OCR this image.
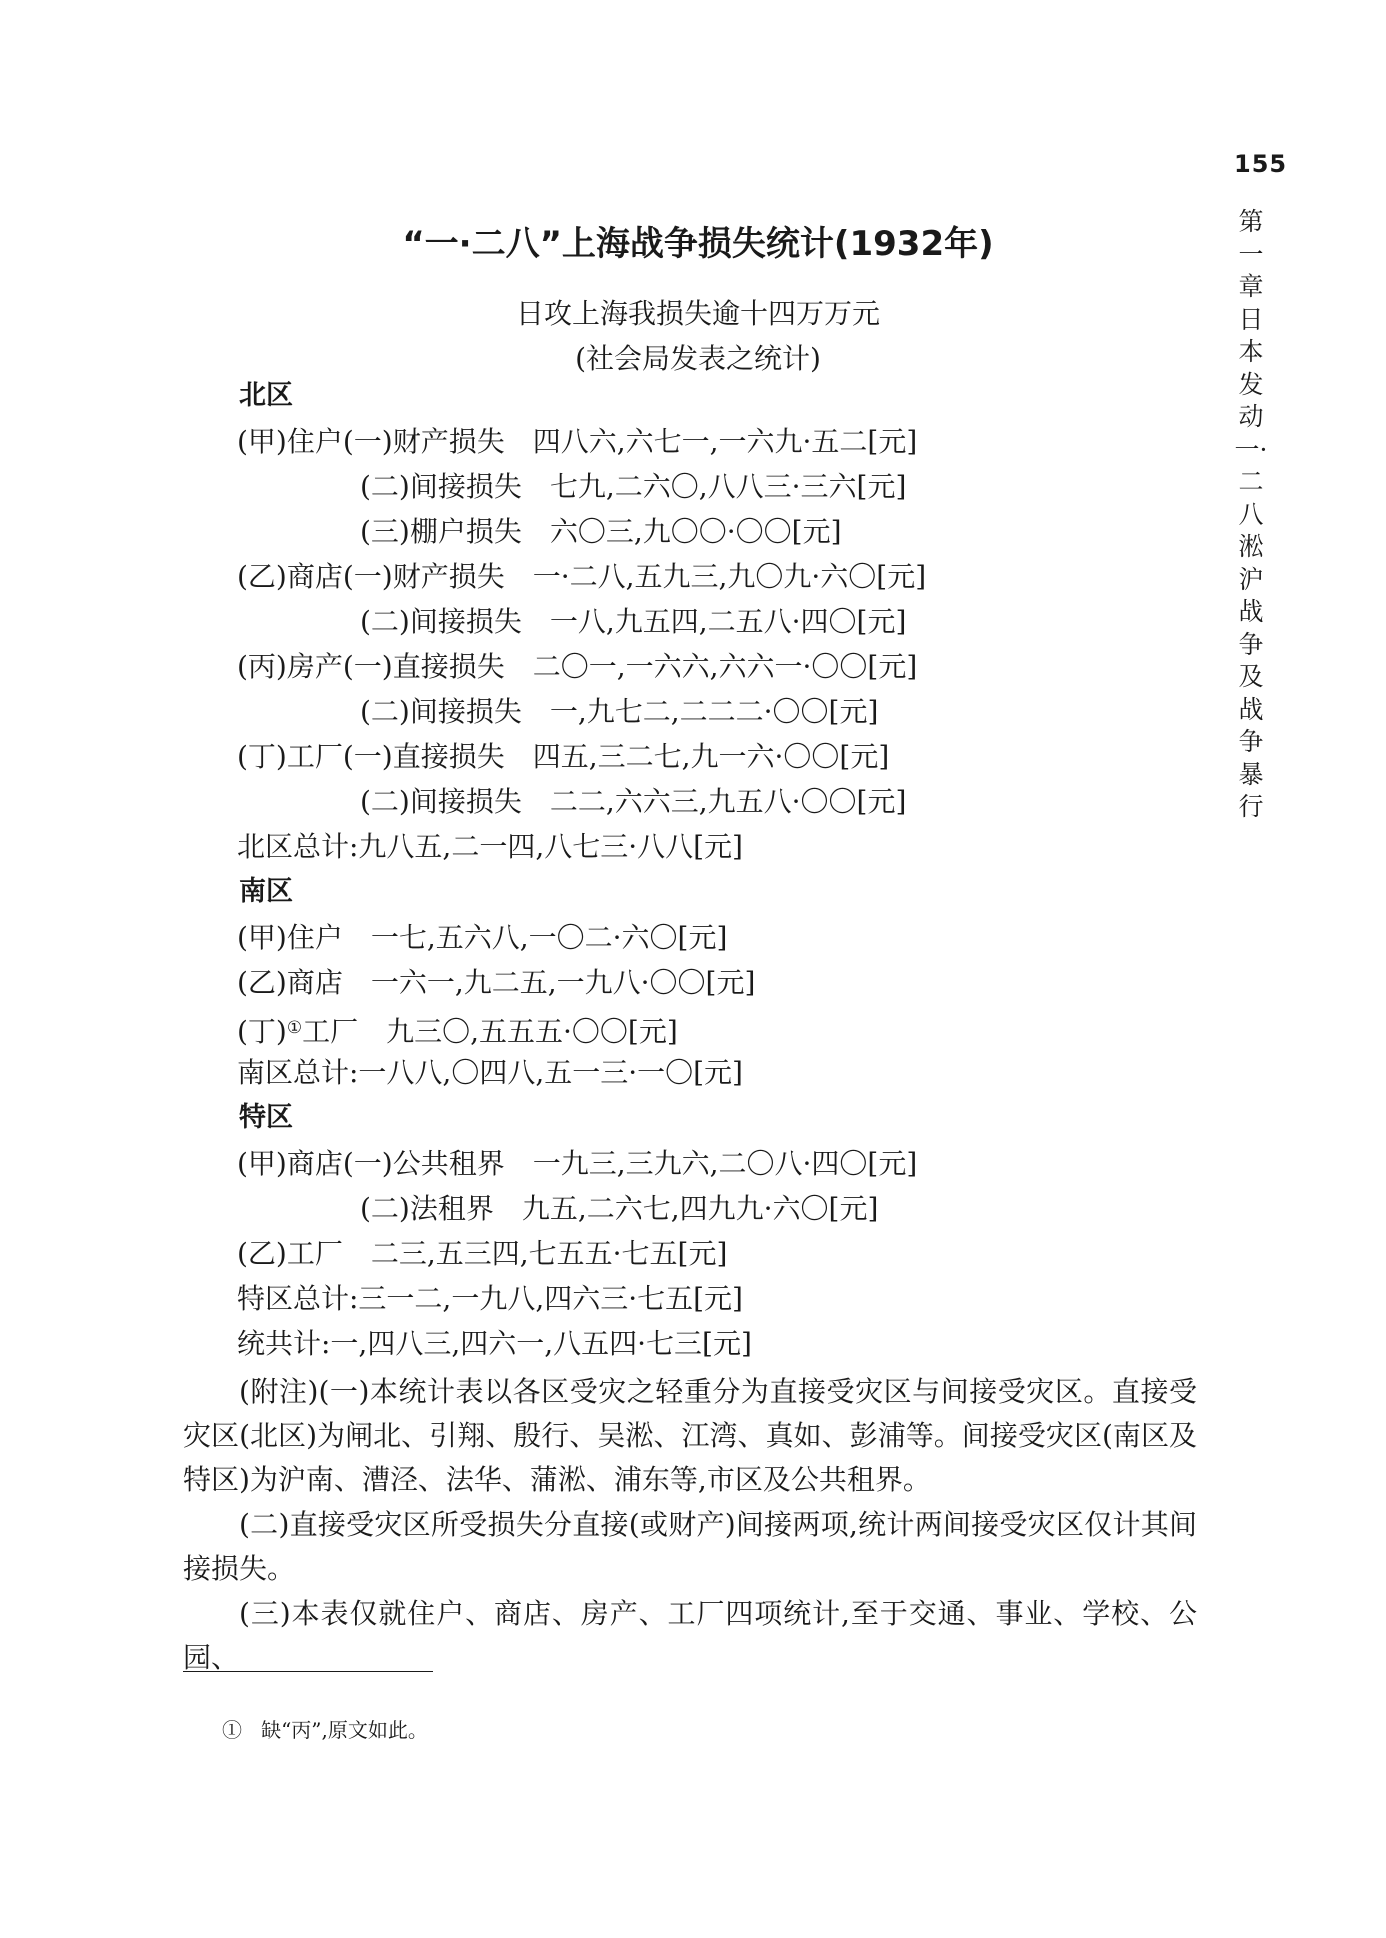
155
第一章 日本发动一·二八淞沪战争及战争暴行
“一·二八”上海战争损失统计(1932年)
日攻上海我损失逾十四万万元
(社会局发表之统计)
北区
(甲)住户(一)财产损失　四八六,六七一,一六九·五二[元]
(二)间接损失　七九,二六〇,八八三·三六[元]
(三)棚户损失　六〇三,九〇〇·〇〇[元]
(乙)商店(一)财产损失　一·二八,五九三,九〇九·六〇[元]
(二)间接损失　一八,九五四,二五八·四〇[元]
(丙)房产(一)直接损失　二〇一,一六六,六六一·〇〇[元]
(二)间接损失　一,九七二,二二二·〇〇[元]
(丁)工厂(一)直接损失　四五,三二七,九一六·〇〇[元]
(二)间接损失　二二,六六三,九五八·〇〇[元]
北区总计:九八五,二一四,八七三·八八[元]
南区
(甲)住户　一七,五六八,一〇二·六〇[元]
(乙)商店　一六一,九二五,一九八·〇〇[元]
(丁)①工厂　九三〇,五五五·〇〇[元]
南区总计:一八八,〇四八,五一三·一〇[元]
特区
(甲)商店(一)公共租界　一九三,三九六,二〇八·四〇[元]
(二)法租界　九五,二六七,四九九·六〇[元]
(乙)工厂　二三,五三四,七五五·七五[元]
特区总计:三一二,一九八,四六三·七五[元]
统共计:一,四八三,四六一,八五四·七三[元]
(附注)(一)本统计表以各区受灾之轻重分为直接受灾区与间接受灾区。直接受灾区(北区)为闸北、引翔、殷行、吴淞、江湾、真如、彭浦等。间接受灾区(南区及特区)为沪南、漕泾、法华、蒲淞、浦东等,市区及公共租界。
(二)直接受灾区所受损失分直接(或财产)间接两项,统计两间接受灾区仅计其间接损失。
(三)本表仅就住户、商店、房产、工厂四项统计,至于交通、事业、学校、公园、
① 缺“丙”,原文如此。
